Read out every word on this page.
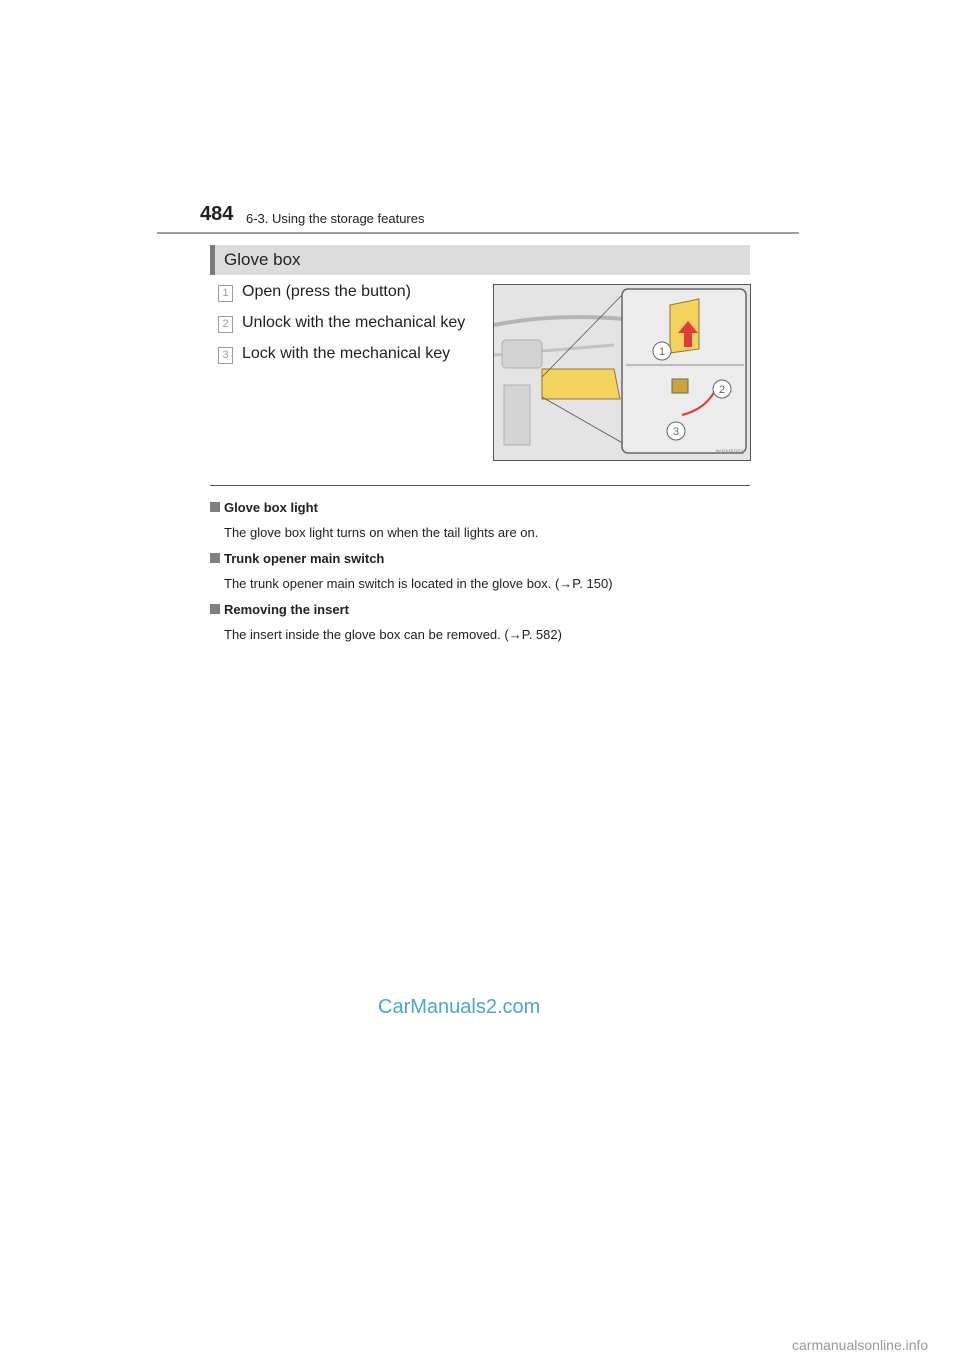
484 6-3. Using the storage features
Glove box
1 Open (press the button)
2 Unlock with the mechanical key
3 Lock with the mechanical key	1
2
3
INSM5001
Glove box light
The glove box light turns on when the tail lights are on.
Trunk opener main switch
The trunk opener main switch is located in the glove box. (→P. 150)
Removing the insert
The insert inside the glove box can be removed. (→P. 582)
CarManuals2.com
carmanualsonline.info
